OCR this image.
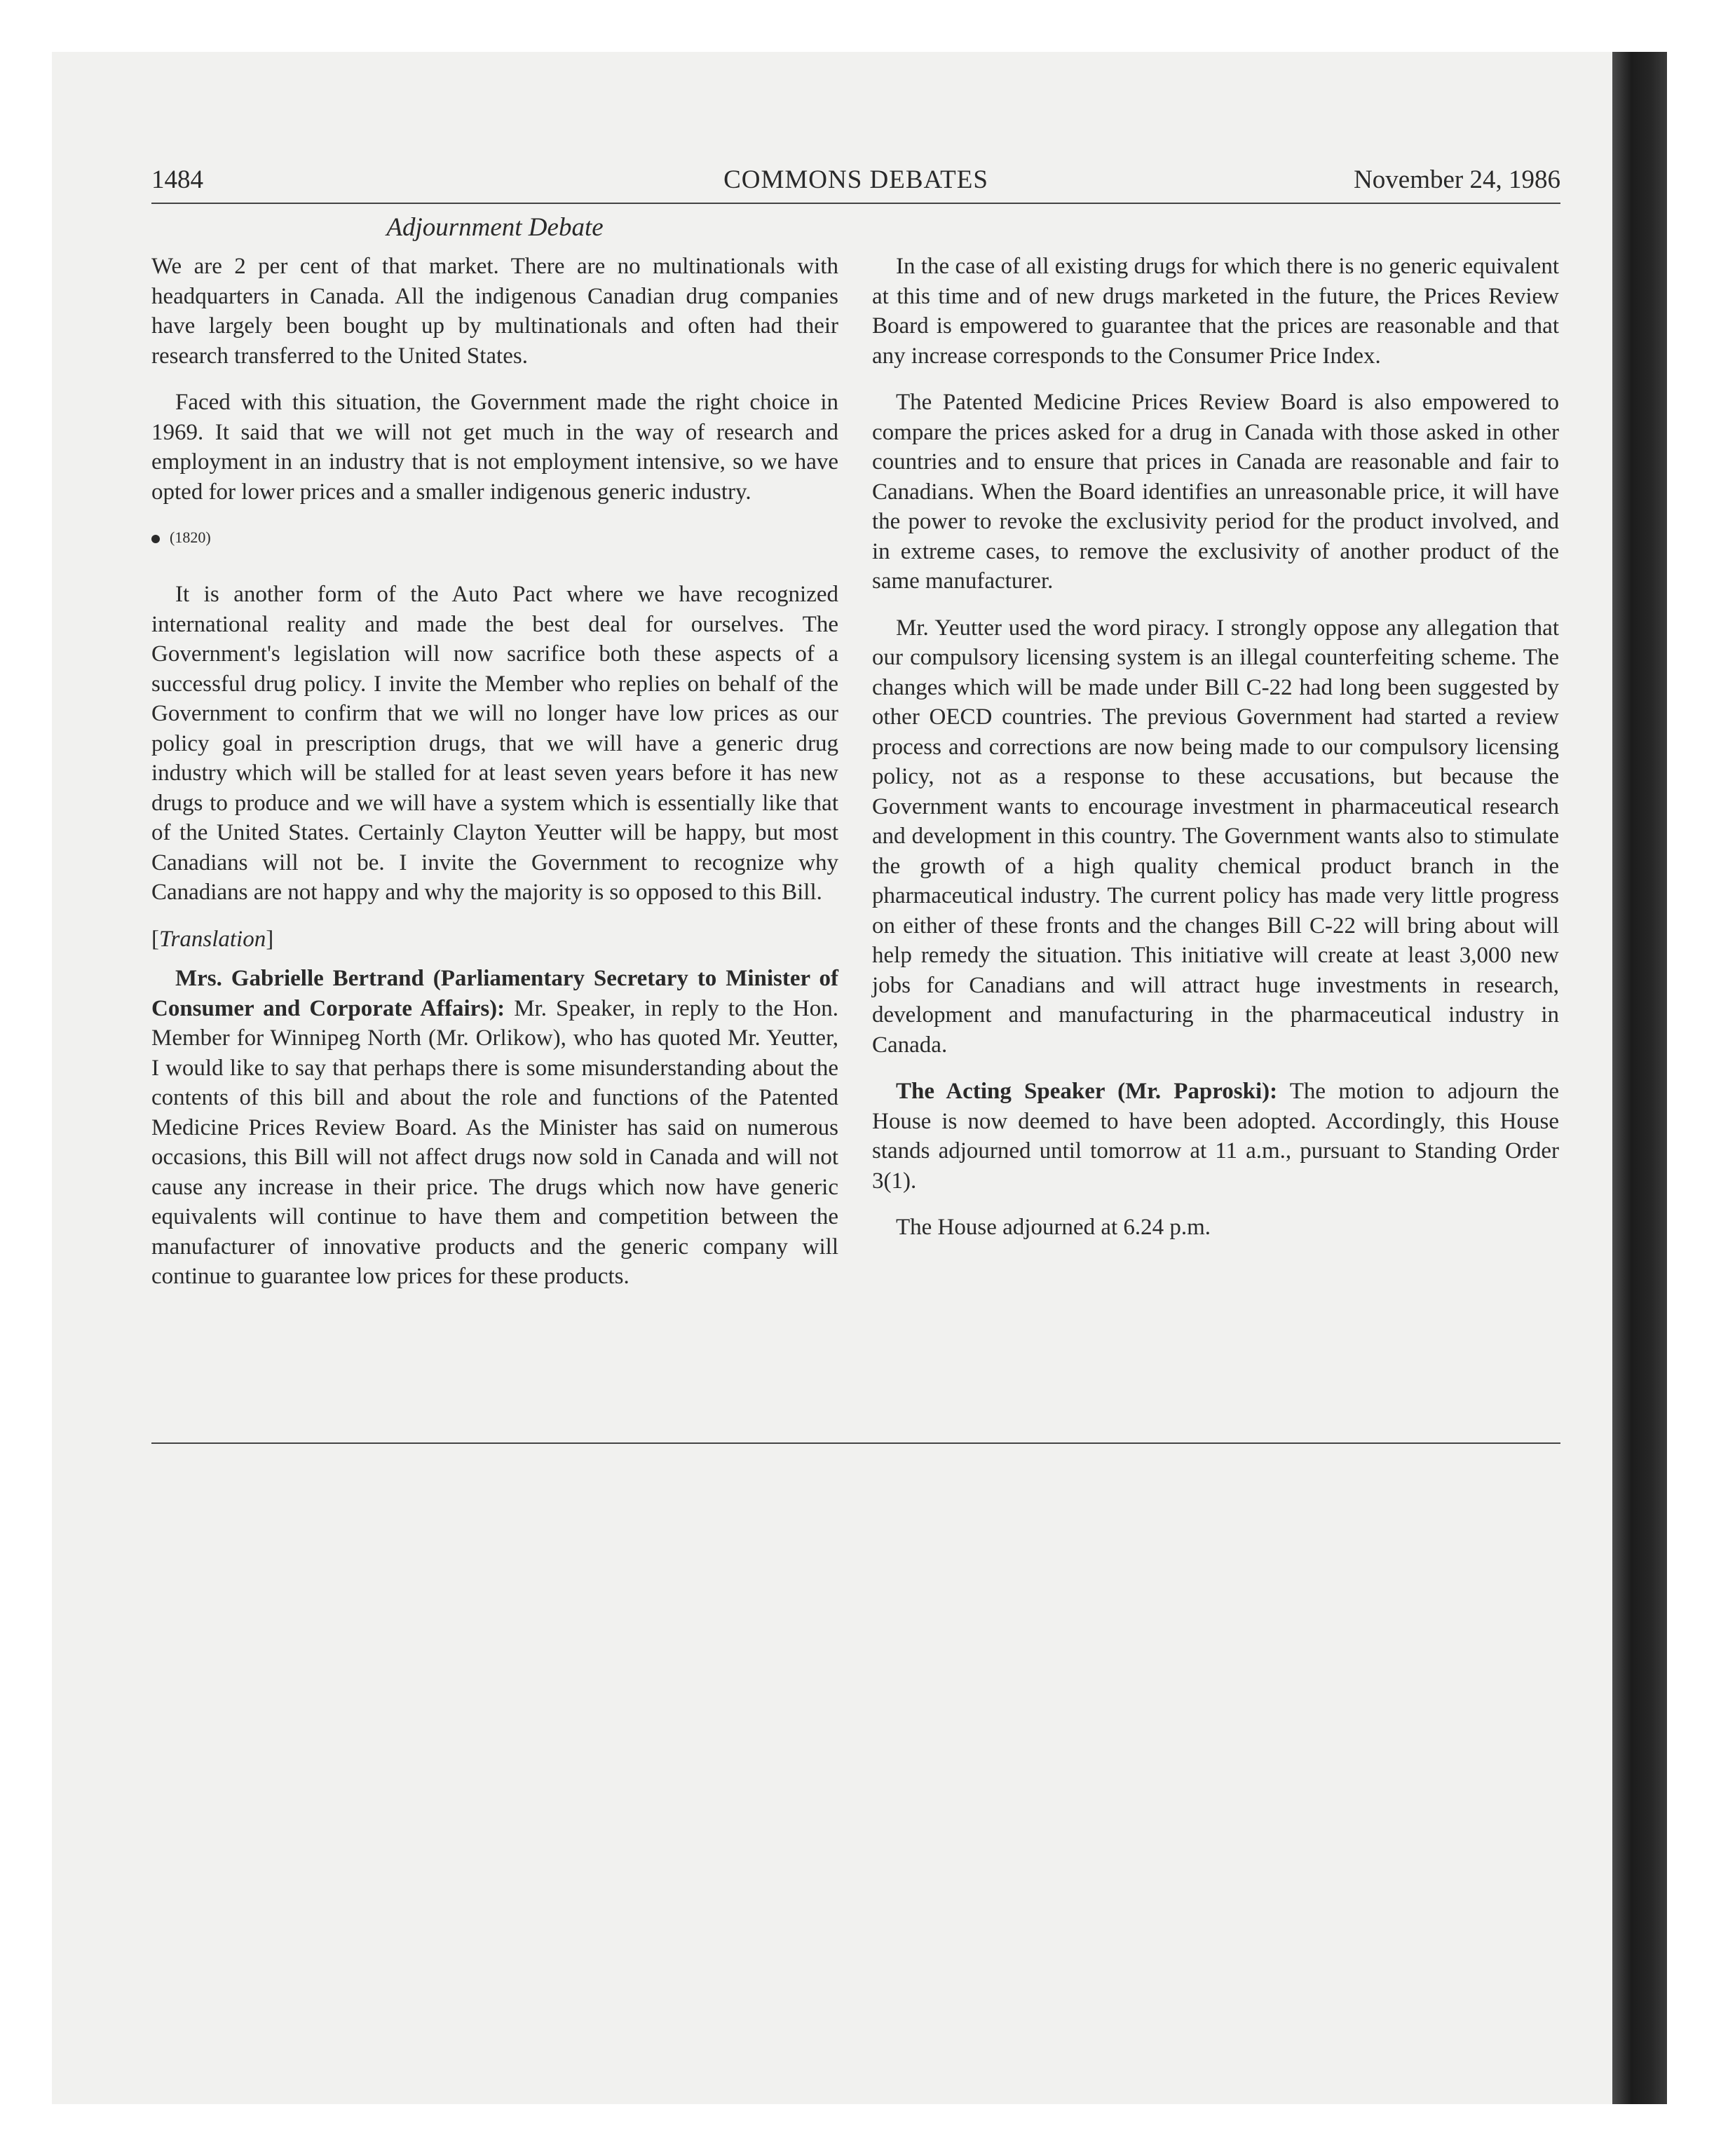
1484	COMMONS DEBATES	November 24, 1986
Adjournment Debate

We are 2 per cent of that market. There are no multinationals with headquarters in Canada. All the indigenous Canadian drug companies have largely been bought up by multinationals and often had their research transferred to the United States.

Faced with this situation, the Government made the right choice in 1969. It said that we will not get much in the way of research and employment in an industry that is not employment intensive, so we have opted for lower prices and a smaller indigenous generic industry.

(1820)

It is another form of the Auto Pact where we have recognized international reality and made the best deal for ourselves. The Government's legislation will now sacrifice both these aspects of a successful drug policy. I invite the Member who replies on behalf of the Government to confirm that we will no longer have low prices as our policy goal in prescription drugs, that we will have a generic drug industry which will be stalled for at least seven years before it has new drugs to produce and we will have a system which is essentially like that of the United States. Certainly Clayton Yeutter will be happy, but most Canadians will not be. I invite the Government to recognize why Canadians are not happy and why the majority is so opposed to this Bill.

[Translation]

Mrs. Gabrielle Bertrand (Parliamentary Secretary to Minister of Consumer and Corporate Affairs): Mr. Speaker, in reply to the Hon. Member for Winnipeg North (Mr. Orlikow), who has quoted Mr. Yeutter, I would like to say that perhaps there is some misunderstanding about the contents of this bill and about the role and functions of the Patented Medicine Prices Review Board. As the Minister has said on numerous occasions, this Bill will not affect drugs now sold in Canada and will not cause any increase in their price. The drugs which now have generic equivalents will continue to have them and competition between the manufacturer of innovative products and the generic company will continue to guarantee low prices for these products.

In the case of all existing drugs for which there is no generic equivalent at this time and of new drugs marketed in the future, the Prices Review Board is empowered to guarantee that the prices are reasonable and that any increase corresponds to the Consumer Price Index.

The Patented Medicine Prices Review Board is also empowered to compare the prices asked for a drug in Canada with those asked in other countries and to ensure that prices in Canada are reasonable and fair to Canadians. When the Board identifies an unreasonable price, it will have the power to revoke the exclusivity period for the product involved, and in extreme cases, to remove the exclusivity of another product of the same manufacturer.

Mr. Yeutter used the word piracy. I strongly oppose any allegation that our compulsory licensing system is an illegal counterfeiting scheme. The changes which will be made under Bill C-22 had long been suggested by other OECD countries. The previous Government had started a review process and corrections are now being made to our compulsory licensing policy, not as a response to these accusations, but because the Government wants to encourage investment in pharmaceutical research and development in this country. The Government wants also to stimulate the growth of a high quality chemical product branch in the pharmaceutical industry. The current policy has made very little progress on either of these fronts and the changes Bill C-22 will bring about will help remedy the situation. This initiative will create at least 3,000 new jobs for Canadians and will attract huge investments in research, development and manufacturing in the pharmaceutical industry in Canada.

The Acting Speaker (Mr. Paproski): The motion to adjourn the House is now deemed to have been adopted. Accordingly, this House stands adjourned until tomorrow at 11 a.m., pursuant to Standing Order 3(1).

The House adjourned at 6.24 p.m.
